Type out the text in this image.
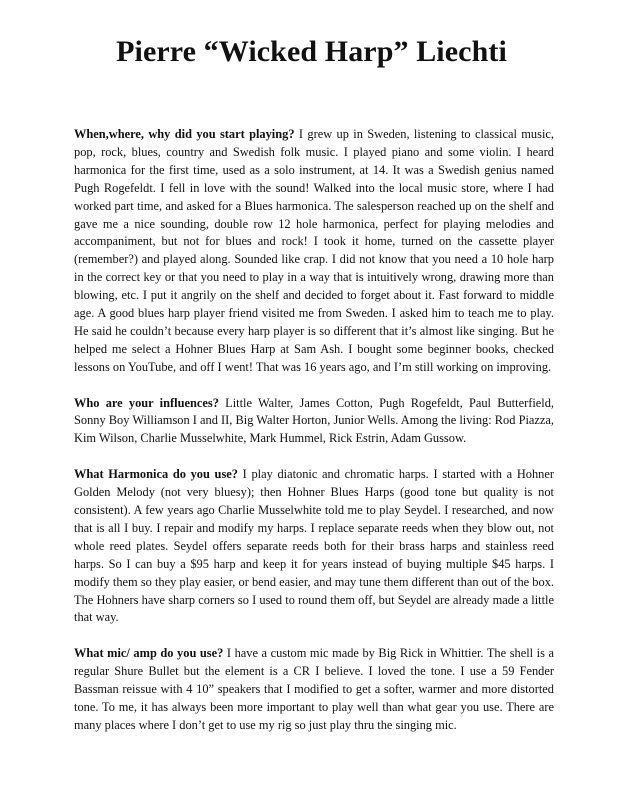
Pierre “Wicked Harp” Liechti

When,where, why did you start playing? I grew up in Sweden, listening to classical music, pop, rock, blues, country and Swedish folk music. I played piano and some violin. I heard harmonica for the first time, used as a solo instrument, at 14. It was a Swedish genius named Pugh Rogefeldt. I fell in love with the sound! Walked into the local music store, where I had worked part time, and asked for a Blues harmonica. The salesperson reached up on the shelf and gave me a nice sounding, double row 12 hole harmonica, perfect for playing melodies and accompaniment, but not for blues and rock! I took it home, turned on the cassette player (remember?) and played along. Sounded like crap. I did not know that you need a 10 hole harp in the correct key or that you need to play in a way that is intuitively wrong, drawing more than blowing, etc. I put it angrily on the shelf and decided to forget about it. Fast forward to middle age. A good blues harp player friend visited me from Sweden. I asked him to teach me to play. He said he couldn’t because every harp player is so different that it’s almost like singing. But he helped me select a Hohner Blues Harp at Sam Ash. I bought some beginner books, checked lessons on YouTube, and off I went! That was 16 years ago, and I’m still working on improving.

Who are your influences? Little Walter, James Cotton, Pugh Rogefeldt, Paul Butterfield, Sonny Boy Williamson I and II, Big Walter Horton, Junior Wells. Among the living: Rod Piazza, Kim Wilson, Charlie Musselwhite, Mark Hummel, Rick Estrin, Adam Gussow.

What Harmonica do you use? I play diatonic and chromatic harps. I started with a Hohner Golden Melody (not very bluesy); then Hohner Blues Harps (good tone but quality is not consistent). A few years ago Charlie Musselwhite told me to play Seydel. I researched, and now that is all I buy. I repair and modify my harps. I replace separate reeds when they blow out, not whole reed plates. Seydel offers separate reeds both for their brass harps and stainless reed harps. So I can buy a $95 harp and keep it for years instead of buying multiple $45 harps. I modify them so they play easier, or bend easier, and may tune them different than out of the box. The Hohners have sharp corners so I used to round them off, but Seydel are already made a little that way.

What mic/ amp do you use? I have a custom mic made by Big Rick in Whittier. The shell is a regular Shure Bullet but the element is a CR I believe. I loved the tone. I use a 59 Fender Bassman reissue with 4 10” speakers that I modified to get a softer, warmer and more distorted tone. To me, it has always been more important to play well than what gear you use. There are many places where I don’t get to use my rig so just play thru the singing mic.
